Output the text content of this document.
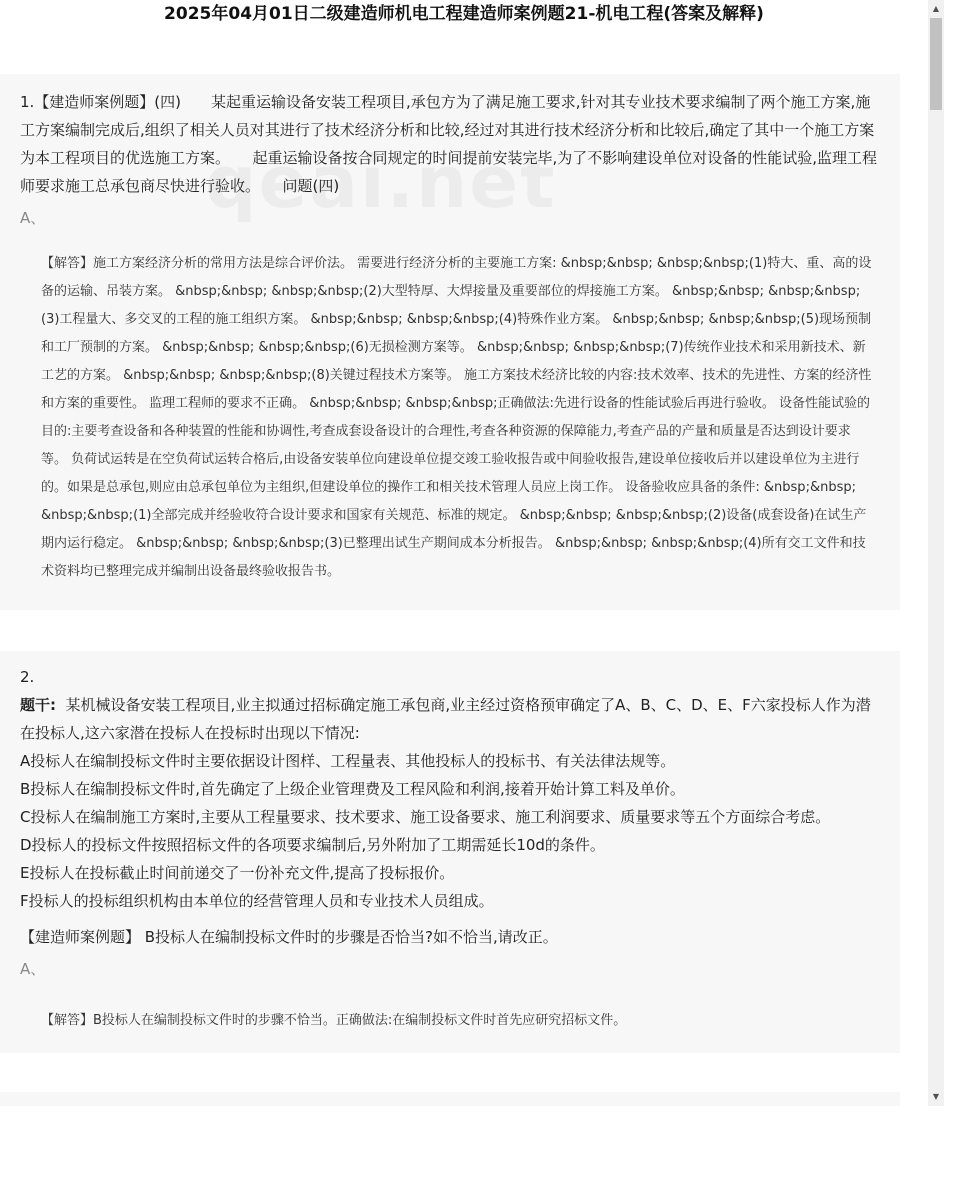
2025年04月01日二级建造师机电工程建造师案例题21-机电工程(答案及解释)
1.【建造师案例题】(四)　　某起重运输设备安装工程项目,承包方为了满足施工要求,针对其专业技术要求编制了两个施工方案,施工方案编制完成后,组织了相关人员对其进行了技术经济分析和比较,经过对其进行技术经济分析和比较后,确定了其中一个施工方案为本工程项目的优选施工方案。　　起重运输设备按合同规定的时间提前安装完毕,为了不影响建设单位对设备的性能试验,监理工程师要求施工总承包商尽快进行验收。　　问题(四)
A、
【解答】施工方案经济分析的常用方法是综合评价法。 需要进行经济分析的主要施工方案: &nbsp;&nbsp; &nbsp;&nbsp;(1)特大、重、高的设备的运输、吊装方案。 &nbsp;&nbsp; &nbsp;&nbsp;(2)大型特厚、大焊接量及重要部位的焊接施工方案。 &nbsp;&nbsp; &nbsp;&nbsp;(3)工程量大、多交叉的工程的施工组织方案。 &nbsp;&nbsp; &nbsp;&nbsp;(4)特殊作业方案。 &nbsp;&nbsp; &nbsp;&nbsp;(5)现场预制和工厂预制的方案。 &nbsp;&nbsp; &nbsp;&nbsp;(6)无损检测方案等。 &nbsp;&nbsp; &nbsp;&nbsp;(7)传统作业技术和采用新技术、新工艺的方案。 &nbsp;&nbsp; &nbsp;&nbsp;(8)关键过程技术方案等。 施工方案技术经济比较的内容:技术效率、技术的先进性、方案的经济性和方案的重要性。 监理工程师的要求不正确。 &nbsp;&nbsp; &nbsp;&nbsp;正确做法:先进行设备的性能试验后再进行验收。 设备性能试验的目的:主要考查设备和各种装置的性能和协调性,考查成套设备设计的合理性,考查各种资源的保障能力,考查产品的产量和质量是否达到设计要求等。 负荷试运转是在空负荷试运转合格后,由设备安装单位向建设单位提交竣工验收报告或中间验收报告,建设单位接收后并以建设单位为主进行的。如果是总承包,则应由总承包单位为主组织,但建设单位的操作工和相关技术管理人员应上岗工作。 设备验收应具备的条件: &nbsp;&nbsp; &nbsp;&nbsp;(1)全部完成并经验收符合设计要求和国家有关规范、标准的规定。 &nbsp;&nbsp; &nbsp;&nbsp;(2)设备(成套设备)在试生产期内运行稳定。 &nbsp;&nbsp; &nbsp;&nbsp;(3)已整理出试生产期间成本分析报告。 &nbsp;&nbsp; &nbsp;&nbsp;(4)所有交工文件和技术资料均已整理完成并编制出设备最终验收报告书。
2.
题干: 某机械设备安装工程项目,业主拟通过招标确定施工承包商,业主经过资格预审确定了A、B、C、D、E、F六家投标人作为潜在投标人,这六家潜在投标人在投标时出现以下情况:
A投标人在编制投标文件时主要依据设计图样、工程量表、其他投标人的投标书、有关法律法规等。
B投标人在编制投标文件时,首先确定了上级企业管理费及工程风险和利润,接着开始计算工料及单价。
C投标人在编制施工方案时,主要从工程量要求、技术要求、施工设备要求、施工利润要求、质量要求等五个方面综合考虑。
D投标人的投标文件按照招标文件的各项要求编制后,另外附加了工期需延长10d的条件。
E投标人在投标截止时间前递交了一份补充文件,提高了投标报价。
F投标人的投标组织机构由本单位的经营管理人员和专业技术人员组成。
【建造师案例题】 B投标人在编制投标文件时的步骤是否恰当?如不恰当,请改正。
A、
【解答】B投标人在编制投标文件时的步骤不恰当。正确做法:在编制投标文件时首先应研究招标文件。
▲
▼
